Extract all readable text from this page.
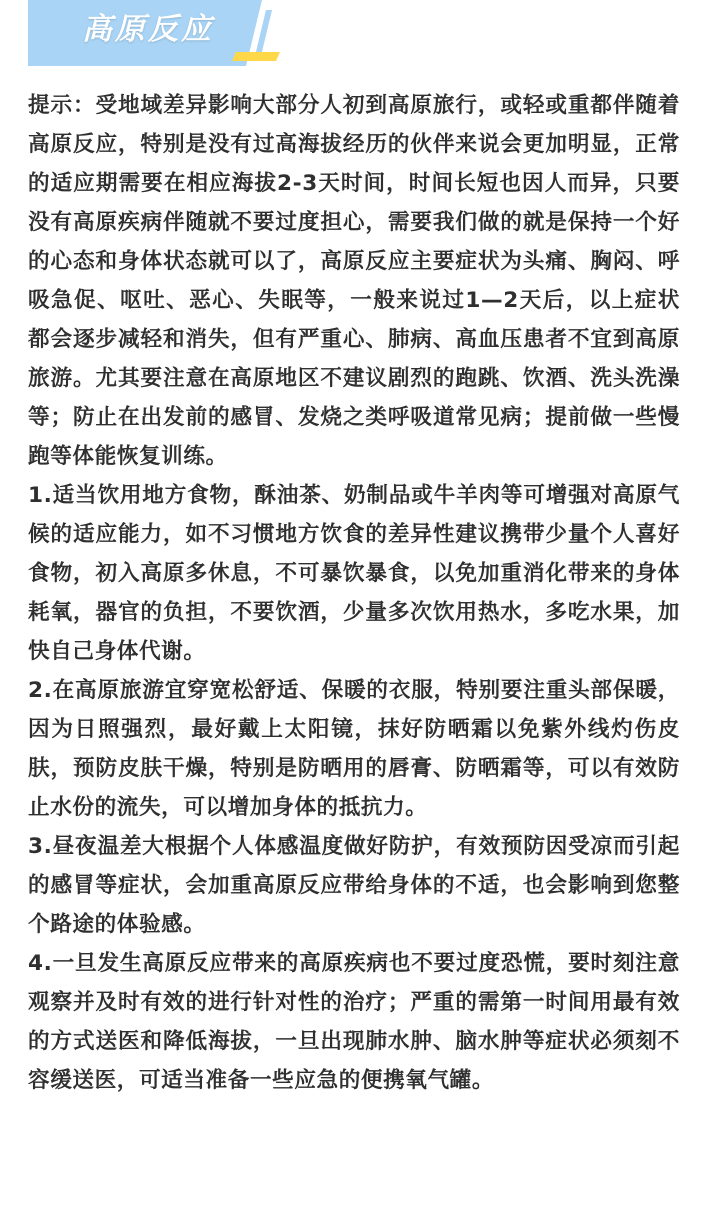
高原反应

提示：受地域差异影响大部分人初到高原旅行，或轻或重都伴随着高原反应，特别是没有过高海拔经历的伙伴来说会更加明显，正常的适应期需要在相应海拔2-3天时间，时间长短也因人而异，只要没有高原疾病伴随就不要过度担心，需要我们做的就是保持一个好的心态和身体状态就可以了，高原反应主要症状为头痛、胸闷、呼吸急促、呕吐、恶心、失眠等，一般来说过1—2天后，以上症状都会逐步减轻和消失，但有严重心、肺病、高血压患者不宜到高原旅游。尤其要注意在高原地区不建议剧烈的跑跳、饮酒、洗头洗澡等；防止在出发前的感冒、发烧之类呼吸道常见病；提前做一些慢跑等体能恢复训练。

1.适当饮用地方食物，酥油茶、奶制品或牛羊肉等可增强对高原气候的适应能力，如不习惯地方饮食的差异性建议携带少量个人喜好食物，初入高原多休息，不可暴饮暴食，以免加重消化带来的身体耗氧，器官的负担，不要饮酒，少量多次饮用热水，多吃水果，加快自己身体代谢。

2.在高原旅游宜穿宽松舒适、保暖的衣服，特别要注重头部保暖，因为日照强烈，最好戴上太阳镜，抹好防晒霜以免紫外线灼伤皮肤，预防皮肤干燥，特别是防晒用的唇膏、防晒霜等，可以有效防止水份的流失，可以增加身体的抵抗力。

3.昼夜温差大根据个人体感温度做好防护，有效预防因受凉而引起的感冒等症状，会加重高原反应带给身体的不适，也会影响到您整个路途的体验感。

4.一旦发生高原反应带来的高原疾病也不要过度恐慌，要时刻注意观察并及时有效的进行针对性的治疗；严重的需第一时间用最有效的方式送医和降低海拔，一旦出现肺水肿、脑水肿等症状必须刻不容缓送医，可适当准备一些应急的便携氧气罐。
